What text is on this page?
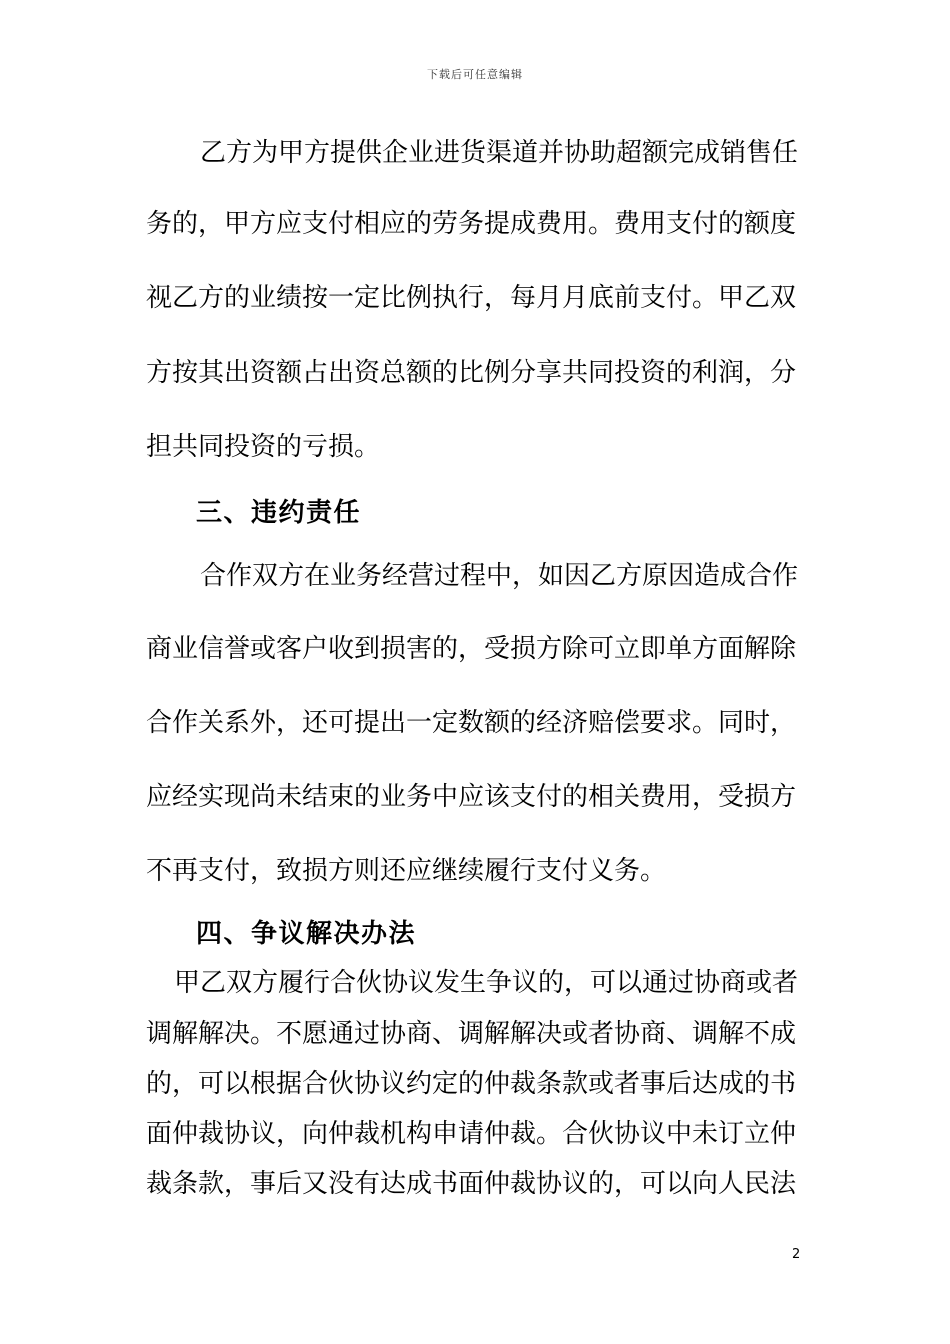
下载后可任意编辑
乙方为甲方提供企业进货渠道并协助超额完成销售任
务的，甲方应支付相应的劳务提成费用。费用支付的额度
视乙方的业绩按一定比例执行，每月月底前支付。甲乙双
方按其出资额占出资总额的比例分享共同投资的利润，分
担共同投资的亏损。
三、违约责任
合作双方在业务经营过程中，如因乙方原因造成合作
商业信誉或客户收到损害的，受损方除可立即单方面解除
合作关系外，还可提出一定数额的经济赔偿要求。同时，
应经实现尚未结束的业务中应该支付的相关费用，受损方
不再支付，致损方则还应继续履行支付义务。
四、争议解决办法
甲乙双方履行合伙协议发生争议的，可以通过协商或者
调解解决。不愿通过协商、调解解决或者协商、调解不成
的，可以根据合伙协议约定的仲裁条款或者事后达成的书
面仲裁协议，向仲裁机构申请仲裁。合伙协议中未订立仲
裁条款，事后又没有达成书面仲裁协议的，可以向人民法
2
